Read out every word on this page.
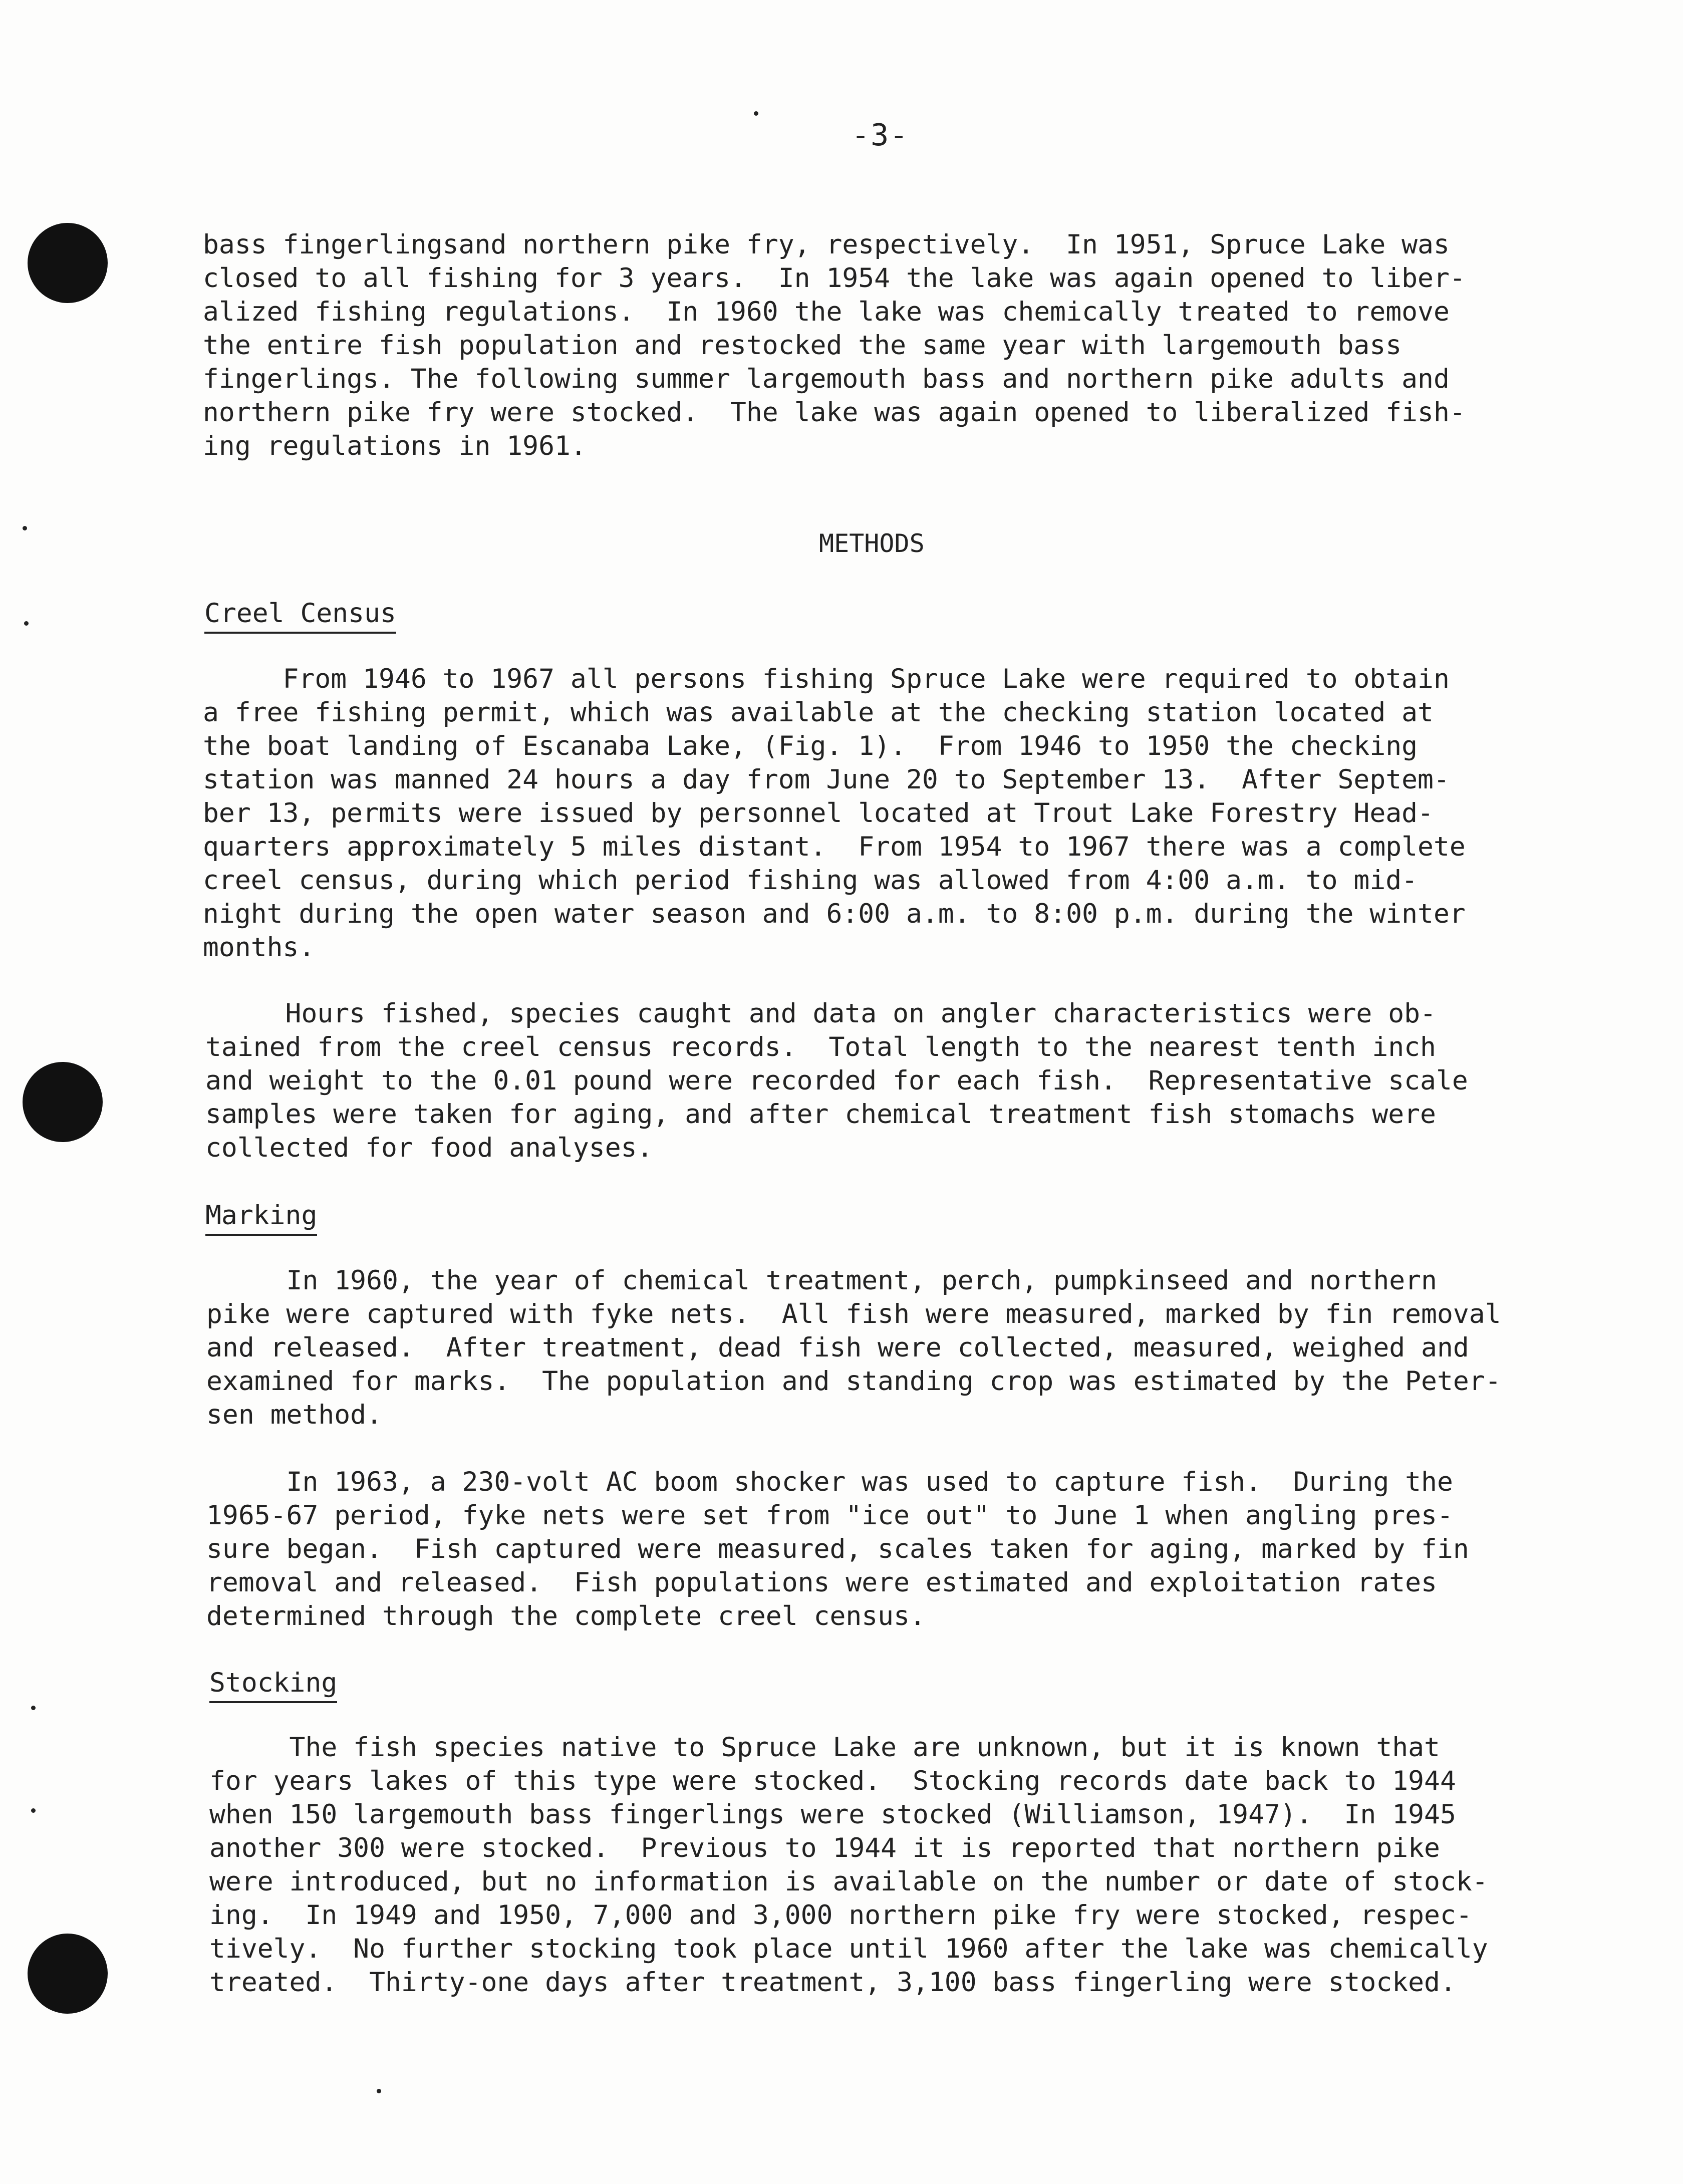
-3-

bass fingerlingsand northern pike fry, respectively.  In 1951, Spruce Lake was

closed to all fishing for 3 years.  In 1954 the lake was again opened to liber-

alized fishing regulations.  In 1960 the lake was chemically treated to remove

the entire fish population and restocked the same year with largemouth bass

fingerlings. The following summer largemouth bass and northern pike adults and

northern pike fry were stocked.  The lake was again opened to liberalized fish-

ing regulations in 1961.

METHODS
Creel Census

From 1946 to 1967 all persons fishing Spruce Lake were required to obtain

a free fishing permit, which was available at the checking station located at

the boat landing of Escanaba Lake, (Fig. 1).  From 1946 to 1950 the checking

station was manned 24 hours a day from June 20 to September 13.  After Septem-

ber 13, permits were issued by personnel located at Trout Lake Forestry Head-

quarters approximately 5 miles distant.  From 1954 to 1967 there was a complete

creel census, during which period fishing was allowed from 4:00 a.m. to mid-

night during the open water season and 6:00 a.m. to 8:00 p.m. during the winter

months.

Hours fished, species caught and data on angler characteristics were ob-

tained from the creel census records.  Total length to the nearest tenth inch

and weight to the 0.01 pound were recorded for each fish.  Representative scale

samples were taken for aging, and after chemical treatment fish stomachs were

collected for food analyses.

Marking

In 1960, the year of chemical treatment, perch, pumpkinseed and northern

pike were captured with fyke nets.  All fish were measured, marked by fin removal

and released.  After treatment, dead fish were collected, measured, weighed and

examined for marks.  The population and standing crop was estimated by the Peter-

sen method.

In 1963, a 230-volt AC boom shocker was used to capture fish.  During the

1965-67 period, fyke nets were set from "ice out" to June 1 when angling pres-

sure began.  Fish captured were measured, scales taken for aging, marked by fin

removal and released.  Fish populations were estimated and exploitation rates

determined through the complete creel census.

Stocking

The fish species native to Spruce Lake are unknown, but it is known that

for years lakes of this type were stocked.  Stocking records date back to 1944

when 150 largemouth bass fingerlings were stocked (Williamson, 1947).  In 1945

another 300 were stocked.  Previous to 1944 it is reported that northern pike

were introduced, but no information is available on the number or date of stock-

ing.  In 1949 and 1950, 7,000 and 3,000 northern pike fry were stocked, respec-

tively.  No further stocking took place until 1960 after the lake was chemically

treated.  Thirty-one days after treatment, 3,100 bass fingerling were stocked.
